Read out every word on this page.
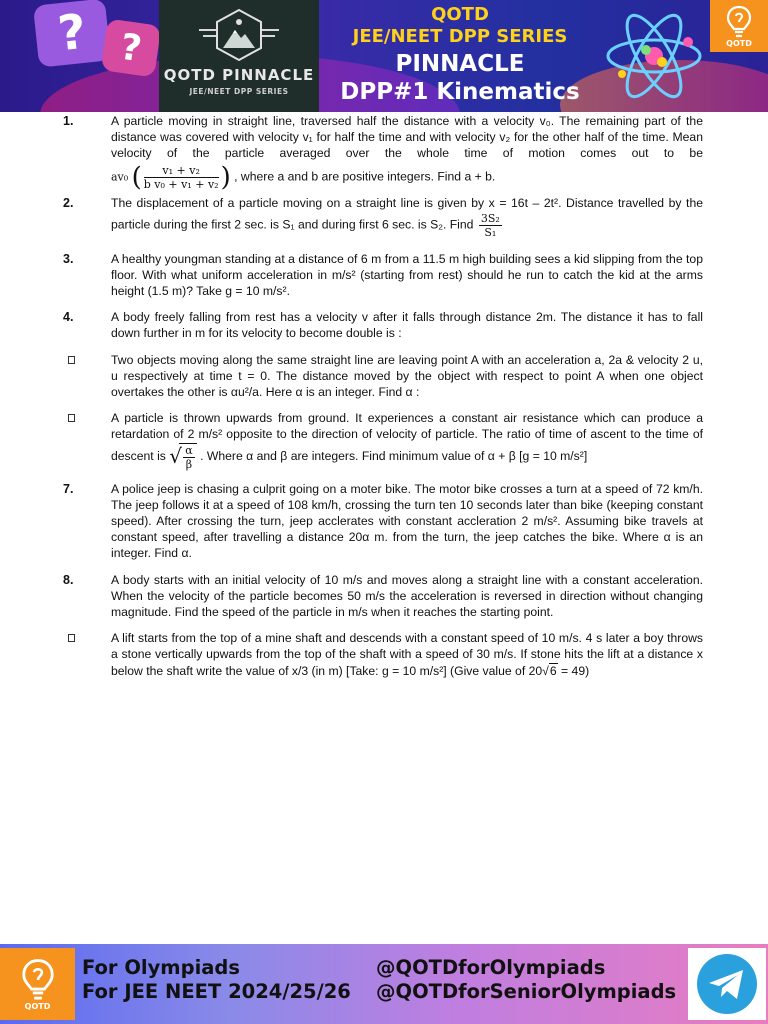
? ?
QOTD PINNACLE
JEE/NEET DPP SERIES
QOTD
JEE/NEET DPP SERIES
PINNACLE
DPP#1 Kinematics
QOTD
1.	A particle moving in straight line, traversed half the distance with a velocity v₀. The remaining part of the distance was covered with velocity v₁ for half the time and with velocity v₂ for the other half of the time. Mean velocity of the particle averaged over the whole time of motion comes out to be av₀ ( $\frac{\text{v₁ + v₂}}{\text{b v₀ + v₁ + v₂}}$ ) , where a and b are positive integers. Find a + b.
2.	The displacement of a particle moving on a straight line is given by x = 16t – 2t². Distance travelled by the particle during the first 2 sec. is S₁ and during first 6 sec. is S₂. Find $\frac{\text{3S₂}}{\text{S₁}}$
3.	A healthy youngman standing at a distance of 6 m from a 11.5 m high building sees a kid slipping from the top floor. With what uniform acceleration in m/s² (starting from rest) should he run to catch the kid at the arms height (1.5 m)? Take g = 10 m/s².
4.	A body freely falling from rest has a velocity v after it falls through distance 2m. The distance it has to fall down further in m for its velocity to become double is :
Two objects moving along the same straight line are leaving point A with an acceleration a, 2a & velocity 2 u, u respectively at time t = 0. The distance moved by the object with respect to point A when one object overtakes the other is αu²/a. Here α is an integer. Find α :
A particle is thrown upwards from ground. It experiences a constant air resistance which can produce a retardation of 2 m/s² opposite to the direction of velocity of particle. The ratio of time of ascent to the time of descent is √ $\frac{\alpha}{\beta}$ . Where α and β are integers. Find minimum value of α + β [g = 10 m/s²]
7.	A police jeep is chasing a culprit going on a moter bike. The motor bike crosses a turn at a speed of 72 km/h. The jeep follows it at a speed of 108 km/h, crossing the turn ten 10 seconds later than bike (keeping constant speed). After crossing the turn, jeep acclerates with constant accleration 2 m/s². Assuming bike travels at constant speed, after travelling a distance 20α m. from the turn, the jeep catches the bike. Where α is an integer. Find α.
8.	A body starts with an initial velocity of 10 m/s and moves along a straight line with a constant acceleration. When the velocity of the particle becomes 50 m/s the acceleration is reversed in direction without changing magnitude. Find the speed of the particle in m/s when it reaches the starting point.
A lift starts from the top of a mine shaft and descends with a constant speed of 10 m/s. 4 s later a boy throws a stone vertically upwards from the top of the shaft with a speed of 30 m/s. If stone hits the lift at a distance x below the shaft write the value of x/3 (in m) [Take: g = 10 m/s²] (Give value of 20√6 = 49)
QOTD
For Olympiads
For JEE NEET 2024/25/26
@QOTDforOlympiads
@QOTDforSeniorOlympiads
